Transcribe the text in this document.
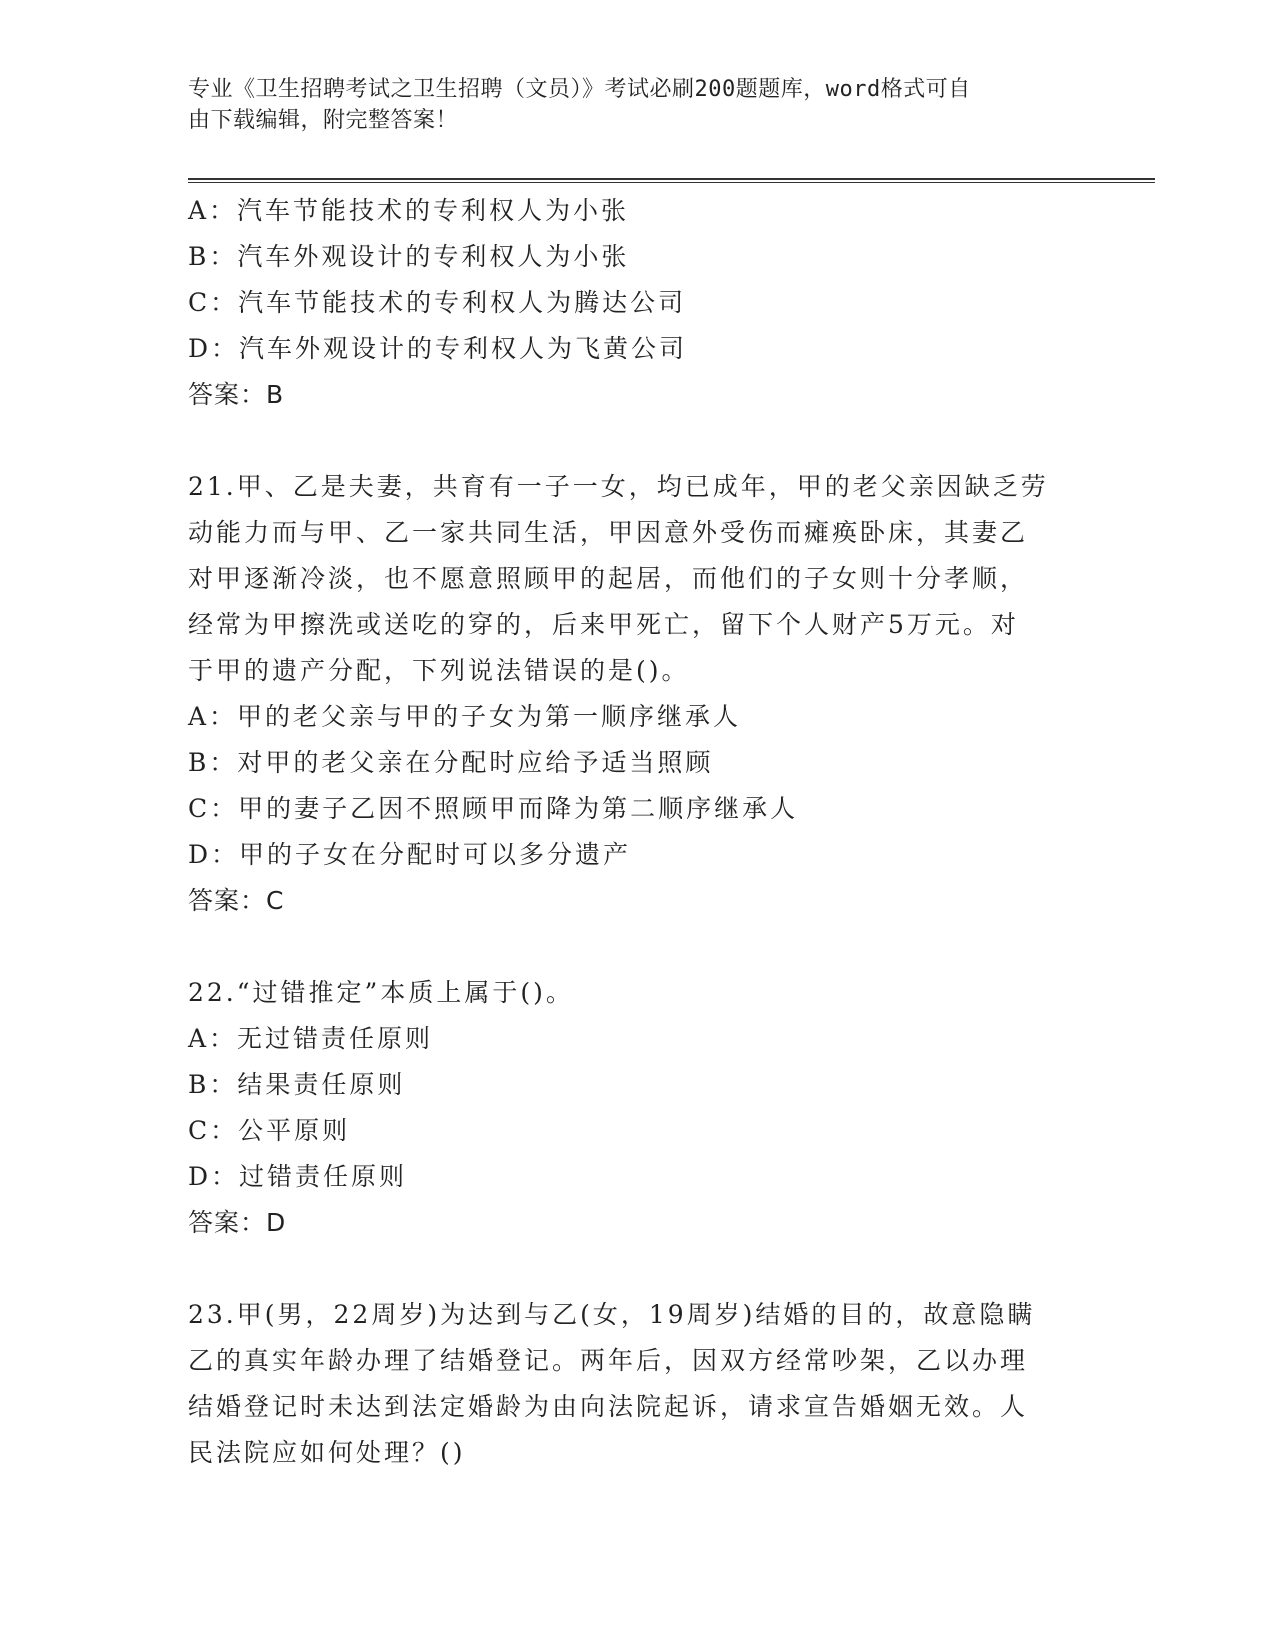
专业《卫生招聘考试之卫生招聘（文员）》考试必刷200题题库，word格式可自
由下载编辑，附完整答案！
A：汽车节能技术的专利权人为小张
B：汽车外观设计的专利权人为小张
C：汽车节能技术的专利权人为腾达公司
D：汽车外观设计的专利权人为飞黄公司
答案：B
21.甲、乙是夫妻，共育有一子一女，均已成年，甲的老父亲因缺乏劳
动能力而与甲、乙一家共同生活，甲因意外受伤而瘫痪卧床，其妻乙
对甲逐渐冷淡，也不愿意照顾甲的起居，而他们的子女则十分孝顺，
经常为甲擦洗或送吃的穿的，后来甲死亡，留下个人财产5万元。对
于甲的遗产分配，下列说法错误的是()。
A：甲的老父亲与甲的子女为第一顺序继承人
B：对甲的老父亲在分配时应给予适当照顾
C：甲的妻子乙因不照顾甲而降为第二顺序继承人
D：甲的子女在分配时可以多分遗产
答案：C
22.“过错推定”本质上属于()。
A：无过错责任原则
B：结果责任原则
C：公平原则
D：过错责任原则
答案：D
23.甲(男，22周岁)为达到与乙(女，19周岁)结婚的目的，故意隐瞒
乙的真实年龄办理了结婚登记。两年后，因双方经常吵架，乙以办理
结婚登记时未达到法定婚龄为由向法院起诉，请求宣告婚姻无效。人
民法院应如何处理？()
